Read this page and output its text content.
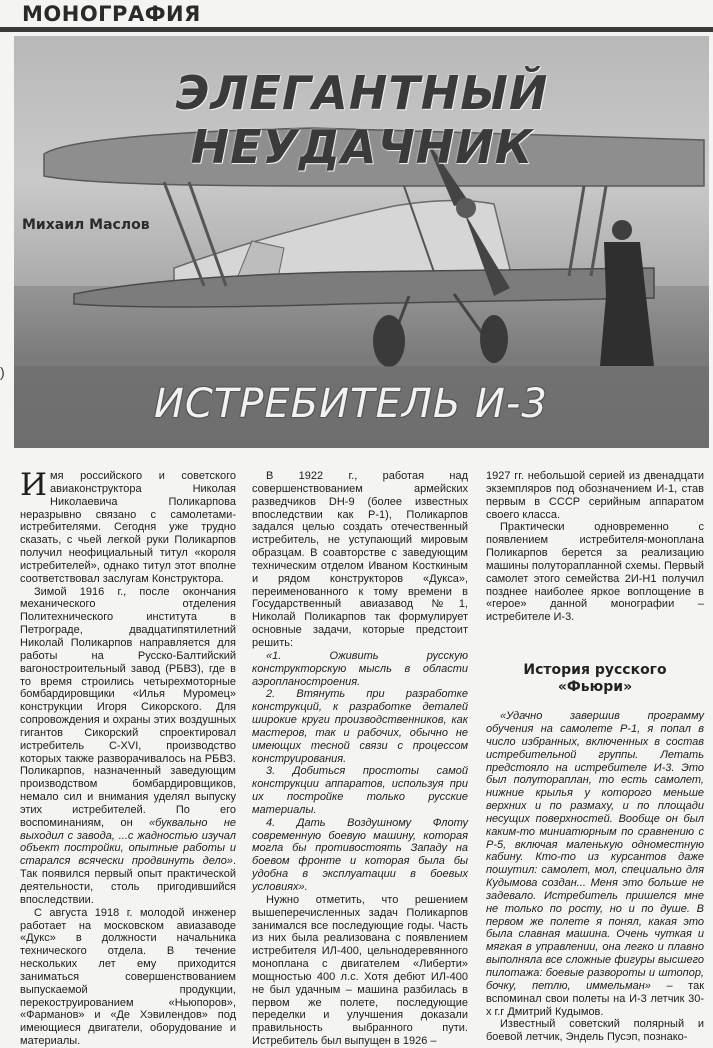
МОНОГРАФИЯ
ЭЛЕГАНТНЫЙ НЕУДАЧНИК
Михаил Маслов
ИСТРЕБИТЕЛЬ И-3
)

Имя российского и советского авиаконструктора Николая Николаевича Поликарпова неразрывно связано с самолетами-истребителями. Сегодня уже трудно сказать, с чьей легкой руки Поликарпов получил неофициальный титул «короля истребителей», однако титул этот вполне соответствовал заслугам Конструктора.

Зимой 1916 г., после окончания механического отделения Политехнического института в Петрограде, двадцатипятилетний Николай Поликарпов направляется для работы на Русско-Балтийский вагоностроительный завод (РБВЗ), где в то время строились четырехмоторные бомбардировщики «Илья Муромец» конструкции Игоря Сикорского. Для сопровождения и охраны этих воздушных гигантов Сикорский спроектировал истребитель С-XVI, производство которых также разворачивалось на РБВЗ. Поликарпов, назначенный заведующим производством бомбардировщиков, немало сил и внимания уделял выпуску этих истребителей. По его воспоминаниям, он «буквально не выходил с завода, ...с жадностью изучал объект постройки, опытные работы и старался всячески продвинуть дело». Так появился первый опыт практической деятельности, столь пригодившийся впоследствии.

С августа 1918 г. молодой инженер работает на московском авиазаводе «Дукс» в должности начальника технического отдела. В течение нескольких лет ему приходится заниматься совершенствованием выпускаемой продукции, перекоструированием «Ньюпоров», «Фарманов» и «Де Хэвилендов» под имеющиеся двигатели, оборудование и материалы.

В 1922 г., работая над совершенствованием армейских разведчиков DH-9 (более известных впоследствии как Р-1), Поликарпов задался целью создать отечественный истребитель, не уступающий мировым образцам. В соавторстве с заведующим техническим отделом Иваном Косткиным и рядом конструкторов «Дукса», переименованного к тому времени в Государственный авиазавод №1, Николай Поликарпов так формулирует основные задачи, которые предстоит решить:

«1. Оживить русскую конструкторскую мысль в области аэропланостроения.

2. Втянуть при разработке конструкций, к разработке деталей широкие круги производственников, как мастеров, так и рабочих, обычно не имеющих тесной связи с процессом конструирования.

3. Добиться простоты самой конструкции аппаратов, используя при их постройке только русские материалы.

4. Дать Воздушному Флоту современную боевую машину, которая могла бы противостоять Западу на боевом фронте и которая была бы удобна в эксплуатации в боевых условиях».

Нужно отметить, что решением вышеперечисленных задач Поликарпов занимался все последующие годы. Часть из них была реализована с появлением истребителя ИЛ-400, цельнодеревянного моноплана с двигателем «Либерти» мощностью 400 л.с. Хотя дебют ИЛ-400 не был удачным – машина разбилась в первом же полете, последующие переделки и улучшения доказали правильность выбранного пути. Истребитель был выпущен в 1926 –

1927 гг. небольшой серией из двенадцати экземпляров под обозначением И-1, став первым в СССР серийным аппаратом своего класса.

Практически одновременно с появлением истребителя-моноплана Поликарпов берется за реализацию машины полуторапланной схемы. Первый самолет этого семейства 2И-Н1 получил позднее наиболее яркое воплощение в «герое» данной монографии – истребителе И-3.

История русского «Фьюри»

«Удачно завершив программу обучения на самолете Р-1, я попал в число избранных, включенных в состав истребительной группы. Летать предстояло на истребителе И-3. Это был полутораплан, то есть самолет, нижние крылья у которого меньше верхних и по размаху, и по площади несущих поверхностей. Вообще он был каким-то миниатюрным по сравнению с Р-5, включая маленькую одноместную кабину. Кто-то из курсантов даже пошутил: самолет, мол, специально для Кудымова создан... Меня это больше не задевало. Истребитель пришелся мне не только по росту, но и по душе. В первом же полете я понял, какая это была славная машина. Очень чуткая и мягкая в управлении, она легко и плавно выполняла все сложные фигуры высшего пилотажа: боевые развороты и штопор, бочку, петлю, иммельман» – так вспоминал свои полеты на И-3 летчик 30-х г.г Дмитрий Кудымов.

Известный советский полярный и боевой летчик, Эндель Пусэп, познако-
